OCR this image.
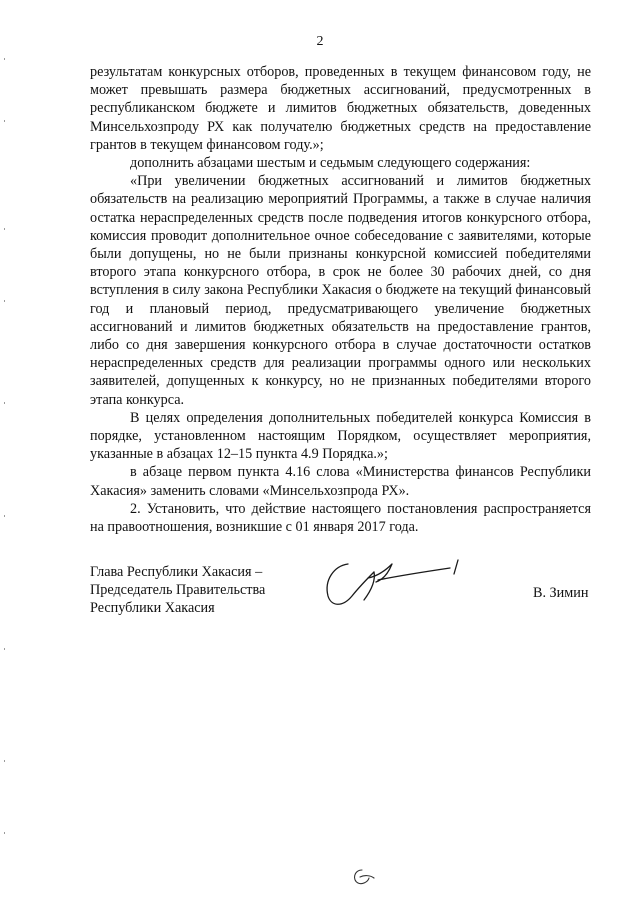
2

результатам конкурсных отборов, проведенных в текущем финансовом году, не может превышать размера бюджетных ассигнований, предусмотренных в республиканском бюджете и лимитов бюджетных обязательств, доведенных Минсельхозпроду РХ как получателю бюджетных средств на предоставление грантов в текущем финансовом году.»;

дополнить абзацами шестым и седьмым следующего содержания:

«При увеличении бюджетных ассигнований и лимитов бюджетных обязательств на реализацию мероприятий Программы, а также в случае наличия остатка нераспределенных средств после подведения итогов конкурсного отбора, комиссия проводит дополнительное очное собеседование с заявителями, которые были допущены, но не были признаны конкурсной комиссией победителями второго этапа конкурсного отбора, в срок не более 30 рабочих дней, со дня вступления в силу закона Республики Хакасия о бюджете на текущий финансовый год и плановый период, предусматривающего увеличение бюджетных ассигнований и лимитов бюджетных обязательств на предоставление грантов, либо со дня завершения конкурсного отбора в случае достаточности остатков нераспределенных средств для реализации программы одного или нескольких заявителей, допущенных к конкурсу, но не признанных победителями второго этапа конкурса.

В целях определения дополнительных победителей конкурса Комиссия в порядке, установленном настоящим Порядком, осуществляет мероприятия, указанные в абзацах 12–15 пункта 4.9 Порядка.»;

в абзаце первом пункта 4.16 слова «Министерства финансов Республики Хакасия» заменить словами «Минсельхозпрода РХ».

2. Установить, что действие настоящего постановления распространяется на правоотношения, возникшие с 01 января 2017 года.

Глава Республики Хакасия –
Председатель Правительства
Республики Хакасия
В. Зимин
